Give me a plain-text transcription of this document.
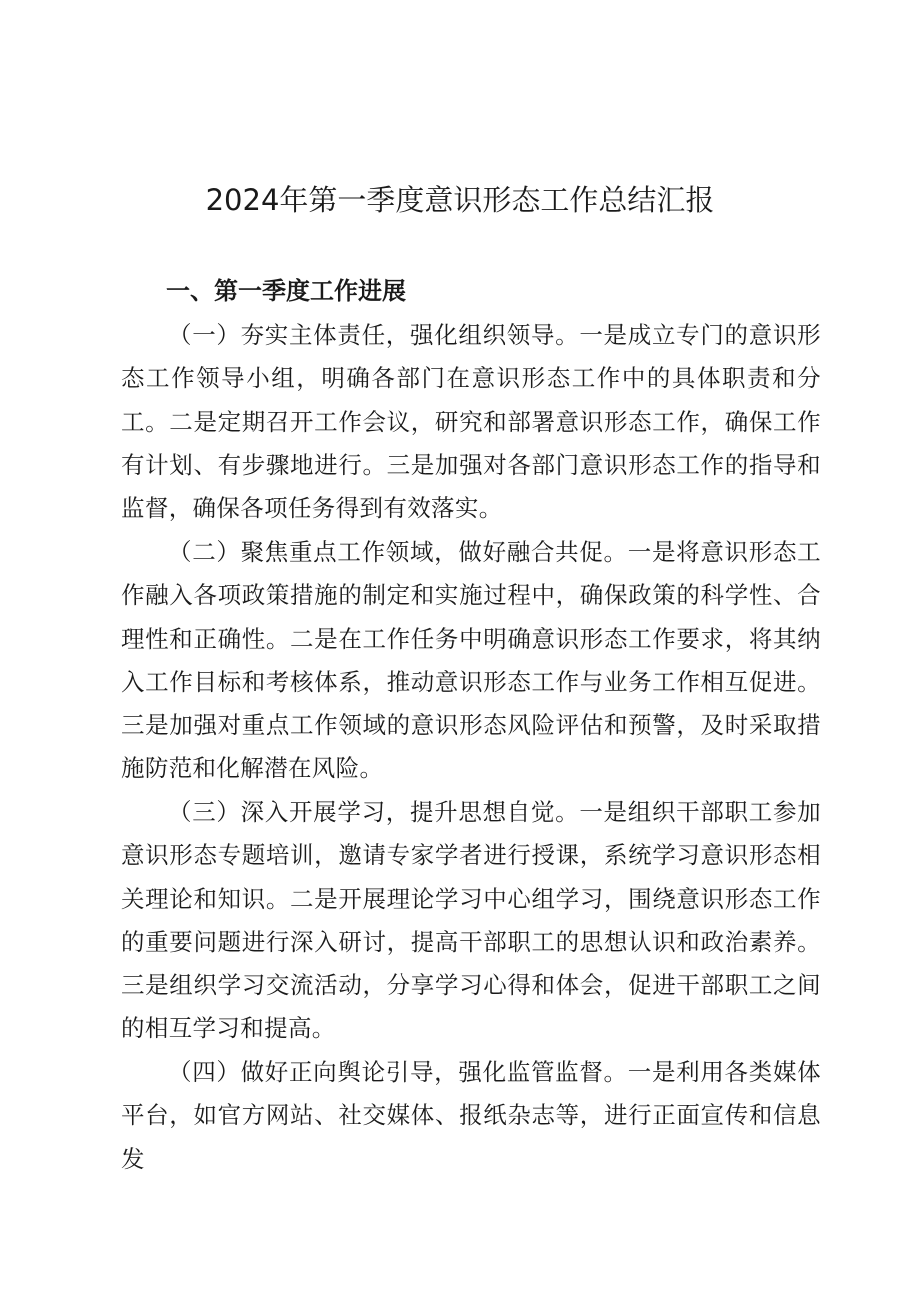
2024年第一季度意识形态工作总结汇报
一、第一季度工作进展

（一）夯实主体责任，强化组织领导。一是成立专门的意识形态工作领导小组，明确各部门在意识形态工作中的具体职责和分工。二是定期召开工作会议，研究和部署意识形态工作，确保工作有计划、有步骤地进行。三是加强对各部门意识形态工作的指导和监督，确保各项任务得到有效落实。

（二）聚焦重点工作领域，做好融合共促。一是将意识形态工作融入各项政策措施的制定和实施过程中，确保政策的科学性、合理性和正确性。二是在工作任务中明确意识形态工作要求，将其纳入工作目标和考核体系，推动意识形态工作与业务工作相互促进。三是加强对重点工作领域的意识形态风险评估和预警，及时采取措施防范和化解潜在风险。

（三）深入开展学习，提升思想自觉。一是组织干部职工参加意识形态专题培训，邀请专家学者进行授课，系统学习意识形态相关理论和知识。二是开展理论学习中心组学习，围绕意识形态工作的重要问题进行深入研讨，提高干部职工的思想认识和政治素养。三是组织学习交流活动，分享学习心得和体会，促进干部职工之间的相互学习和提高。

（四）做好正向舆论引导，强化监管监督。一是利用各类媒体平台，如官方网站、社交媒体、报纸杂志等，进行正面宣传和信息发
